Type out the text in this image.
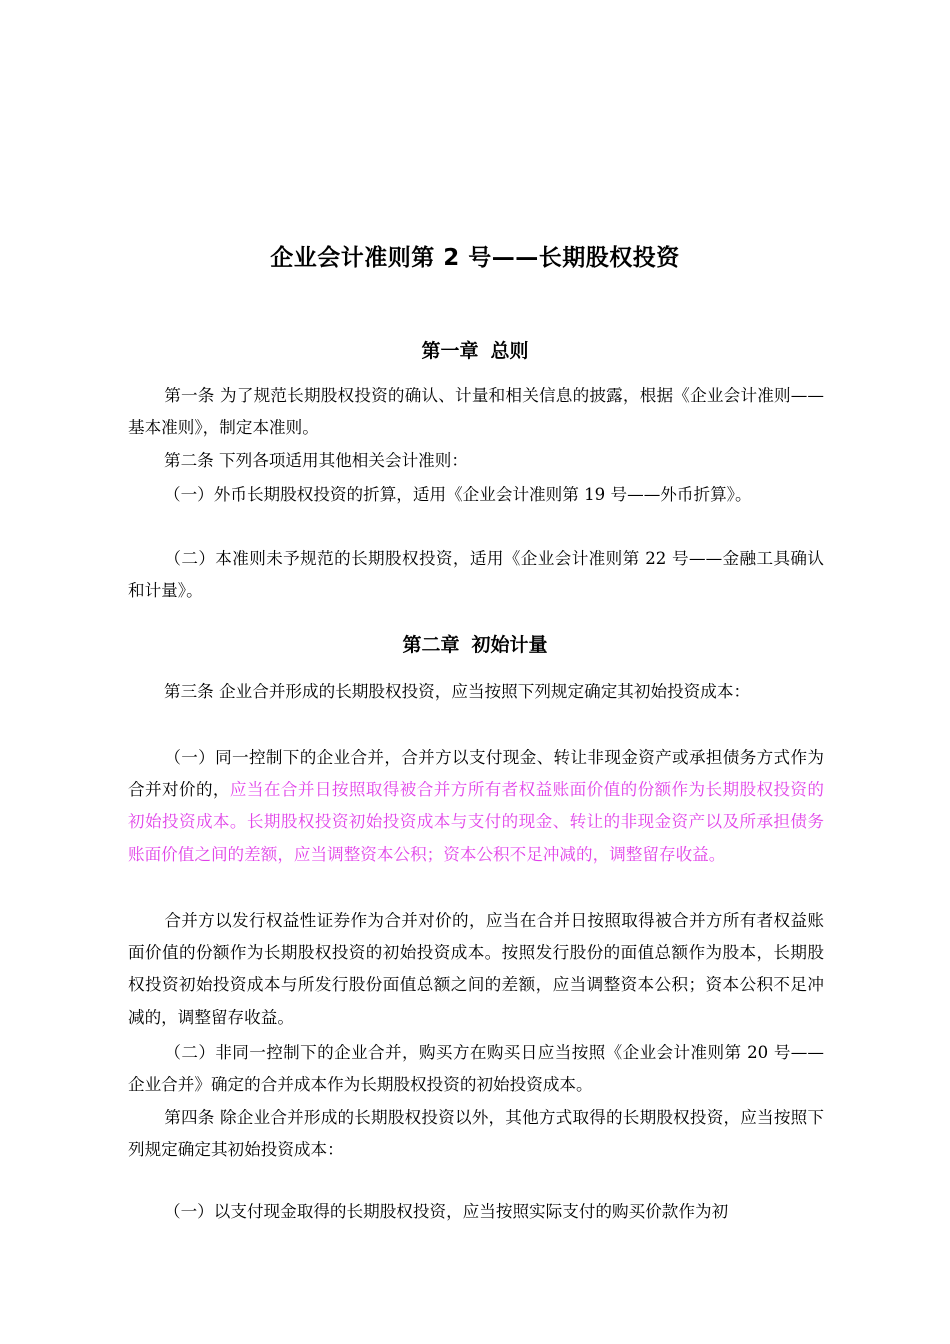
企业会计准则第 2 号——长期股权投资
第一章 总则
第一条 为了规范长期股权投资的确认、计量和相关信息的披露，根据《企业会计准则——基本准则》，制定本准则。
第二条 下列各项适用其他相关会计准则：
（一）外币长期股权投资的折算，适用《企业会计准则第 19 号——外币折算》。
（二）本准则未予规范的长期股权投资，适用《企业会计准则第 22 号——金融工具确认和计量》。
第二章 初始计量
第三条 企业合并形成的长期股权投资，应当按照下列规定确定其初始投资成本：
（一）同一控制下的企业合并，合并方以支付现金、转让非现金资产或承担债务方式作为合并对价的，应当在合并日按照取得被合并方所有者权益账面价值的份额作为长期股权投资的初始投资成本。长期股权投资初始投资成本与支付的现金、转让的非现金资产以及所承担债务账面价值之间的差额，应当调整资本公积；资本公积不足冲减的，调整留存收益。
合并方以发行权益性证券作为合并对价的，应当在合并日按照取得被合并方所有者权益账面价值的份额作为长期股权投资的初始投资成本。按照发行股份的面值总额作为股本，长期股权投资初始投资成本与所发行股份面值总额之间的差额，应当调整资本公积；资本公积不足冲减的，调整留存收益。
（二）非同一控制下的企业合并，购买方在购买日应当按照《企业会计准则第 20 号——企业合并》确定的合并成本作为长期股权投资的初始投资成本。
第四条 除企业合并形成的长期股权投资以外，其他方式取得的长期股权投资，应当按照下列规定确定其初始投资成本：
（一）以支付现金取得的长期股权投资，应当按照实际支付的购买价款作为初
